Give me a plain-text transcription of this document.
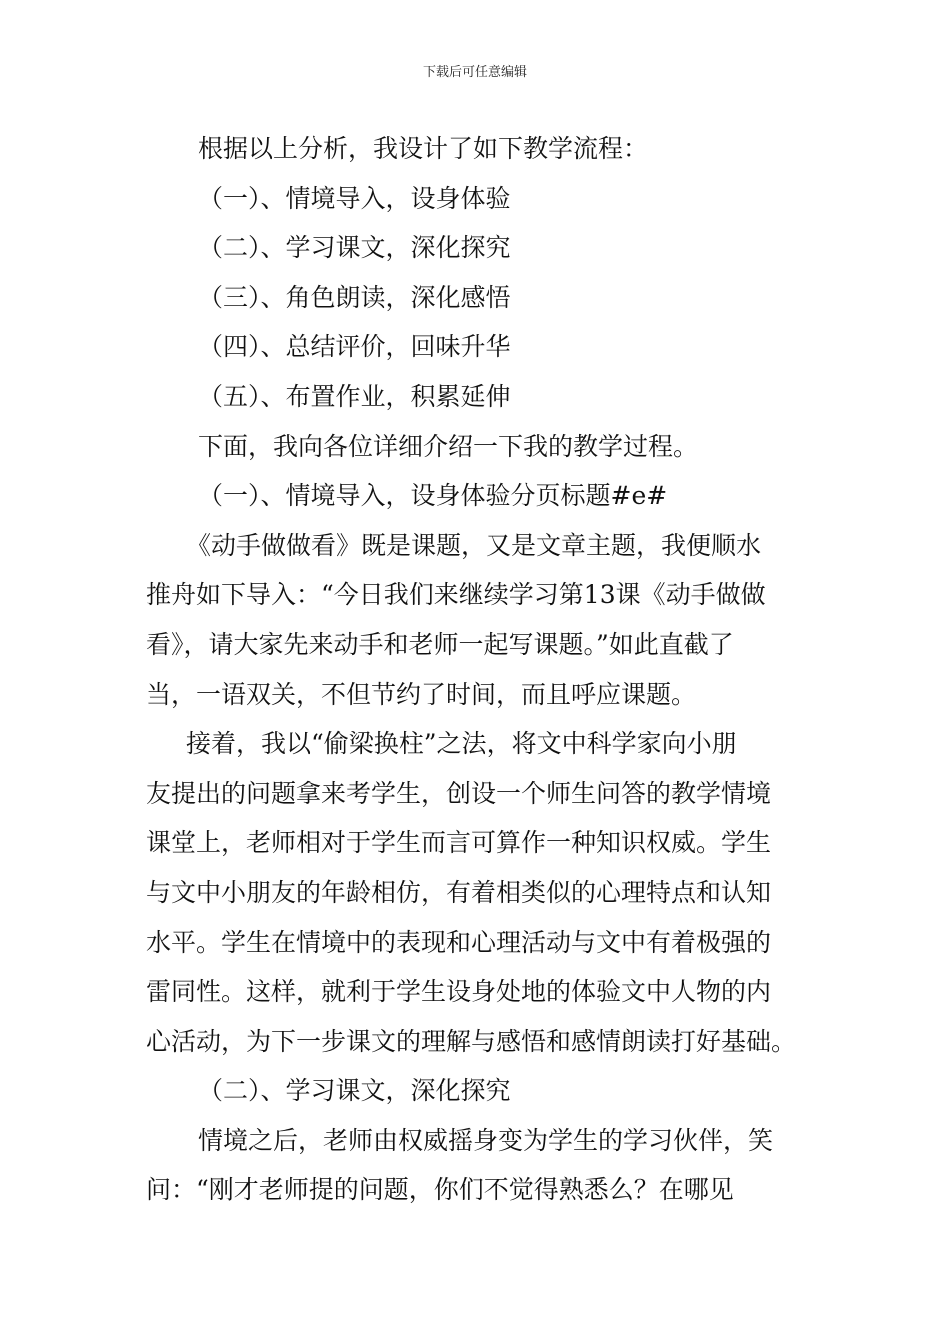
下载后可任意编辑

根据以上分析，我设计了如下教学流程：

（一）、情境导入，设身体验

（二）、学习课文，深化探究

（三）、角色朗读，深化感悟

（四）、总结评价，回味升华

（五）、布置作业，积累延伸

下面，我向各位详细介绍一下我的教学过程。

（一）、情境导入，设身体验分页标题#e#

《动手做做看》既是课题，又是文章主题，我便顺水

推舟如下导入：“今日我们来继续学习第13课《动手做做

看》，请大家先来动手和老师一起写课题。”如此直截了

当，一语双关，不但节约了时间，而且呼应课题。

接着，我以“偷梁换柱”之法，将文中科学家向小朋

友提出的问题拿来考学生，创设一个师生问答的教学情境

课堂上，老师相对于学生而言可算作一种知识权威。学生

与文中小朋友的年龄相仿，有着相类似的心理特点和认知

水平。学生在情境中的表现和心理活动与文中有着极强的

雷同性。这样，就利于学生设身处地的体验文中人物的内

心活动，为下一步课文的理解与感悟和感情朗读打好基础。

（二）、学习课文，深化探究

情境之后，老师由权威摇身变为学生的学习伙伴，笑

问：“刚才老师提的问题，你们不觉得熟悉么？在哪见
